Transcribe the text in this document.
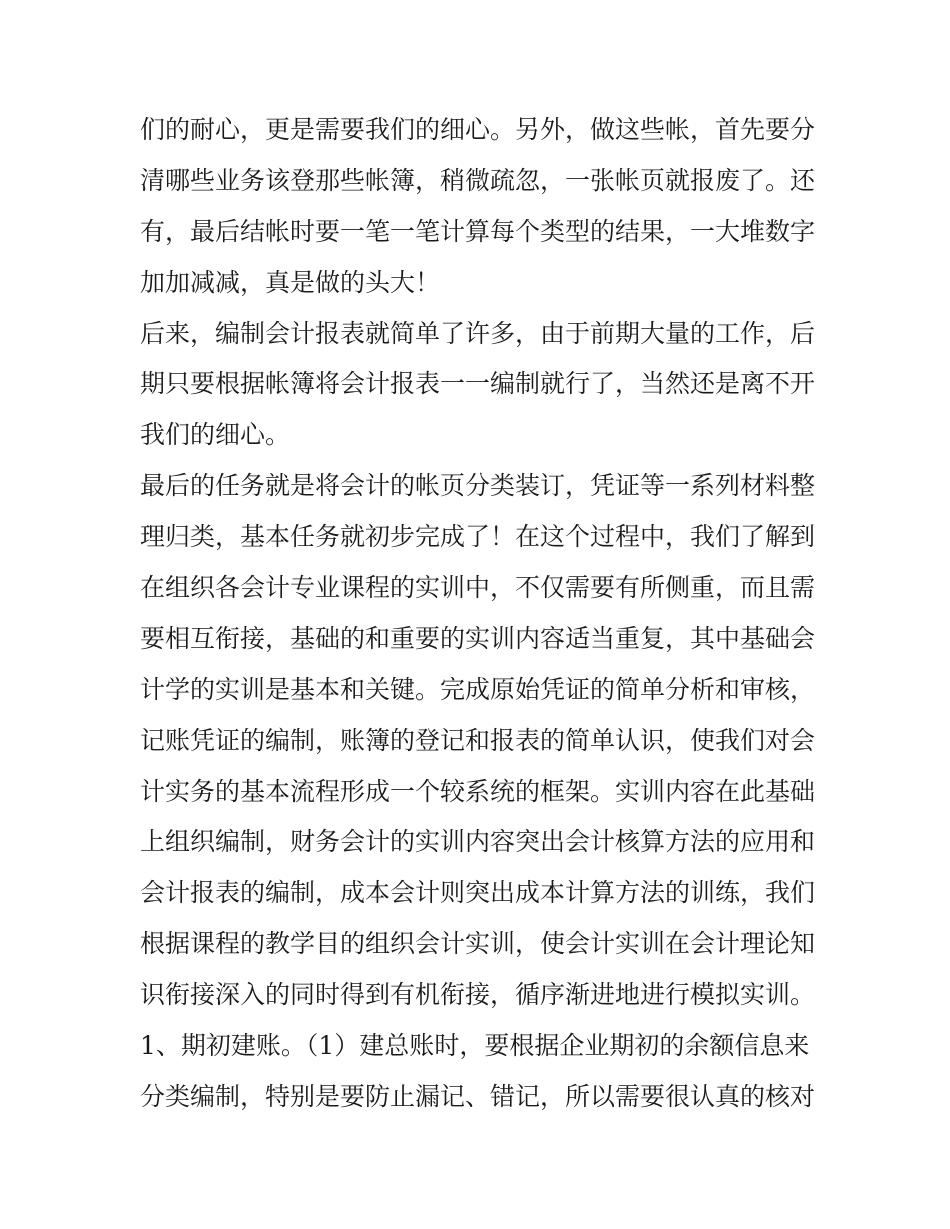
们的耐心，更是需要我们的细心。另外，做这些帐，首先要分
清哪些业务该登那些帐簿，稍微疏忽，一张帐页就报废了。还
有，最后结帐时要一笔一笔计算每个类型的结果，一大堆数字
加加减减，真是做的头大！
后来，编制会计报表就简单了许多，由于前期大量的工作，后
期只要根据帐簿将会计报表一一编制就行了，当然还是离不开
我们的细心。
最后的任务就是将会计的帐页分类装订，凭证等一系列材料整
理归类，基本任务就初步完成了！在这个过程中，我们了解到
在组织各会计专业课程的实训中，不仅需要有所侧重，而且需
要相互衔接，基础的和重要的实训内容适当重复，其中基础会
计学的实训是基本和关键。完成原始凭证的简单分析和审核，
记账凭证的编制，账簿的登记和报表的简单认识，使我们对会
计实务的基本流程形成一个较系统的框架。实训内容在此基础
上组织编制，财务会计的实训内容突出会计核算方法的应用和
会计报表的编制，成本会计则突出成本计算方法的训练，我们
根据课程的教学目的组织会计实训，使会计实训在会计理论知
识衔接深入的同时得到有机衔接，循序渐进地进行模拟实训。
1、期初建账。（1）建总账时，要根据企业期初的余额信息来
分类编制，特别是要防止漏记、错记，所以需要很认真的核对
